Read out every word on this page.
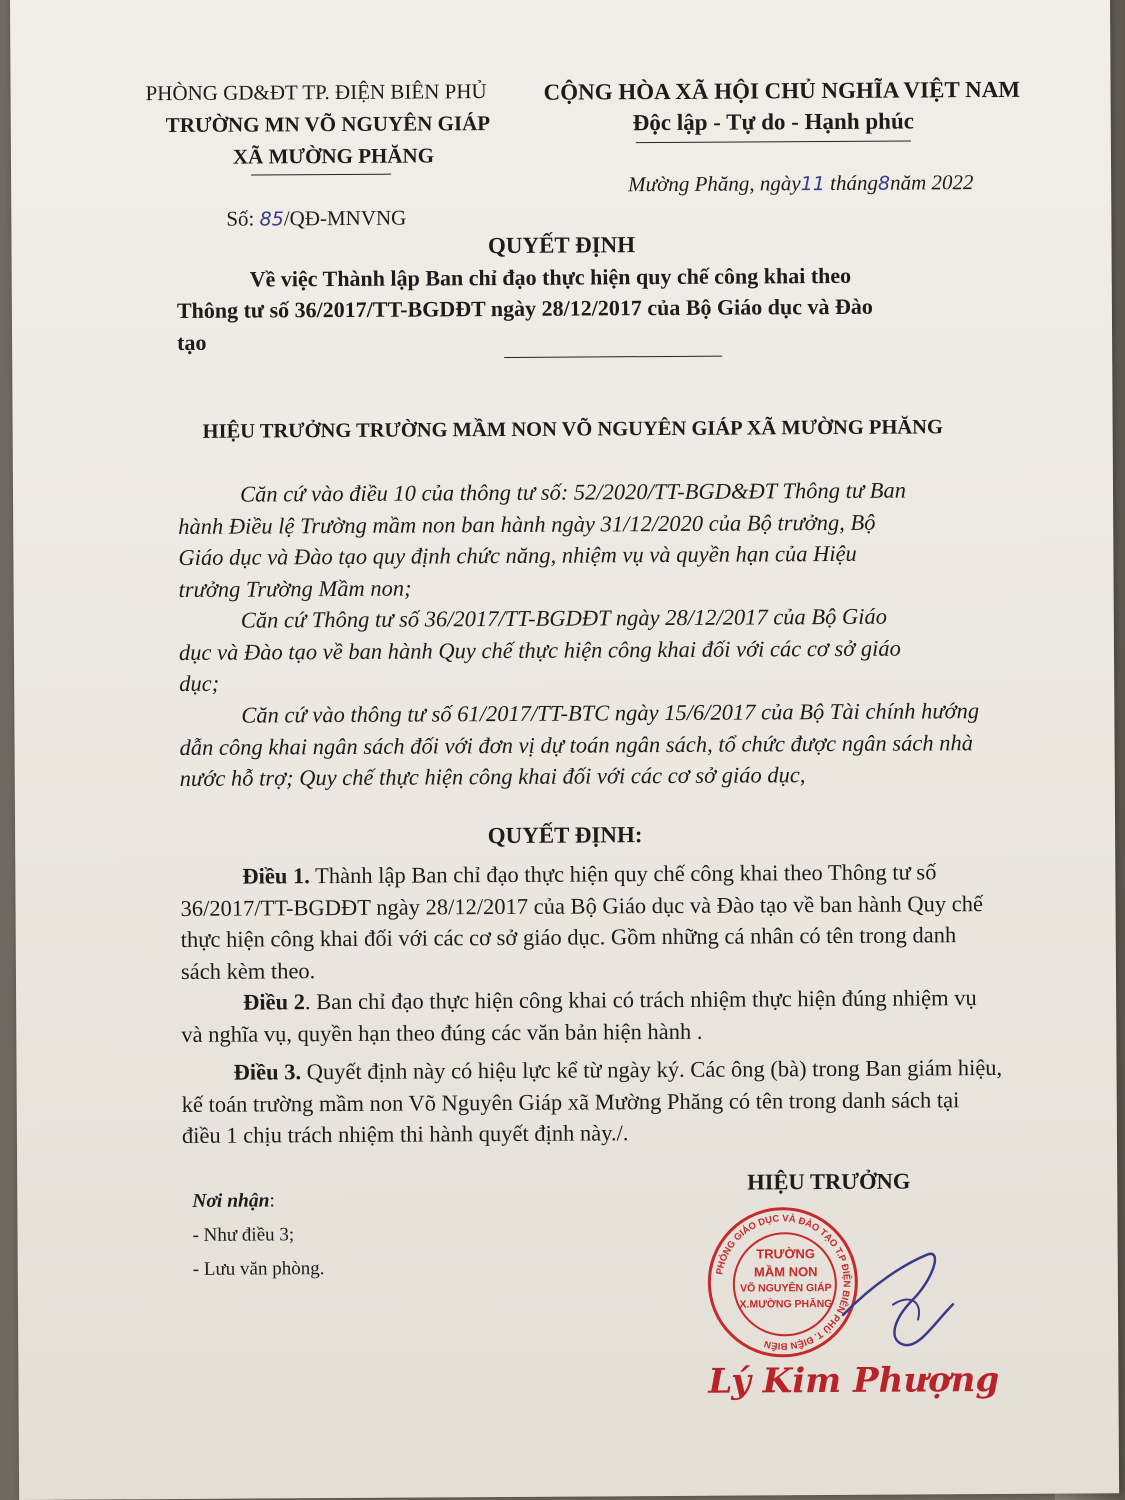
PHÒNG GD&ĐT TP. ĐIỆN BIÊN PHỦ
TRƯỜNG MN VÕ NGUYÊN GIÁP
XÃ MƯỜNG PHĂNG
CỘNG HÒA XÃ HỘI CHỦ NGHĨA VIỆT NAM
Độc lập - Tự do - Hạnh phúc
Mường Phăng, ngày11 tháng8năm 2022
Số: 85/QĐ-MNVNG
QUYẾT ĐỊNH
Về việc Thành lập Ban chỉ đạo thực hiện quy chế công khai theo
Thông tư số 36/2017/TT-BGDĐT ngày 28/12/2017 của Bộ Giáo dục và Đào
tạo
HIỆU TRƯỞNG TRƯỜNG MẦM NON VÕ NGUYÊN GIÁP XÃ MƯỜNG PHĂNG
Căn cứ vào điều 10 của thông tư số: 52/2020/TT-BGD&ĐT Thông tư Ban
hành Điều lệ Trường mầm non ban hành ngày 31/12/2020 của Bộ trưởng, Bộ
Giáo dục và Đào tạo quy định chức năng, nhiệm vụ và quyền hạn của Hiệu
trưởng Trường Mầm non;
Căn cứ Thông tư số 36/2017/TT-BGDĐT ngày 28/12/2017 của Bộ Giáo
dục và Đào tạo về ban hành Quy chế thực hiện công khai đối với các cơ sở giáo
dục;
Căn cứ vào thông tư số 61/2017/TT-BTC ngày 15/6/2017 của Bộ Tài chính hướng
dẫn công khai ngân sách đối với đơn vị dự toán ngân sách, tổ chức được ngân sách nhà
nước hỗ trợ; Quy chế thực hiện công khai đối với các cơ sở giáo dục,
QUYẾT ĐỊNH:
Điều 1. Thành lập Ban chỉ đạo thực hiện quy chế công khai theo Thông tư số
36/2017/TT-BGDĐT ngày 28/12/2017 của Bộ Giáo dục và Đào tạo về ban hành Quy chế
thực hiện công khai đối với các cơ sở giáo dục. Gồm những cá nhân có tên trong danh
sách kèm theo.
Điều 2. Ban chỉ đạo thực hiện công khai có trách nhiệm thực hiện đúng nhiệm vụ
và nghĩa vụ, quyền hạn theo đúng các văn bản hiện hành .
Điều 3. Quyết định này có hiệu lực kể từ ngày ký. Các ông (bà) trong Ban giám hiệu,
kế toán trường mầm non Võ Nguyên Giáp xã Mường Phăng có tên trong danh sách tại
điều 1 chịu trách nhiệm thi hành quyết định này./.
Nơi nhận:
- Như điều 3;
- Lưu văn phòng.
HIỆU TRƯỞNG
PHÒNG GIÁO DỤC VÀ ĐÀO TẠO T.P ĐIỆN BIÊN PHỦ T. ĐIỆN BIÊN
TRƯỜNG
MẦM NON
VÕ NGUYÊN GIÁP
X.MƯỜNG PHĂNG
Lý Kim Phượng
